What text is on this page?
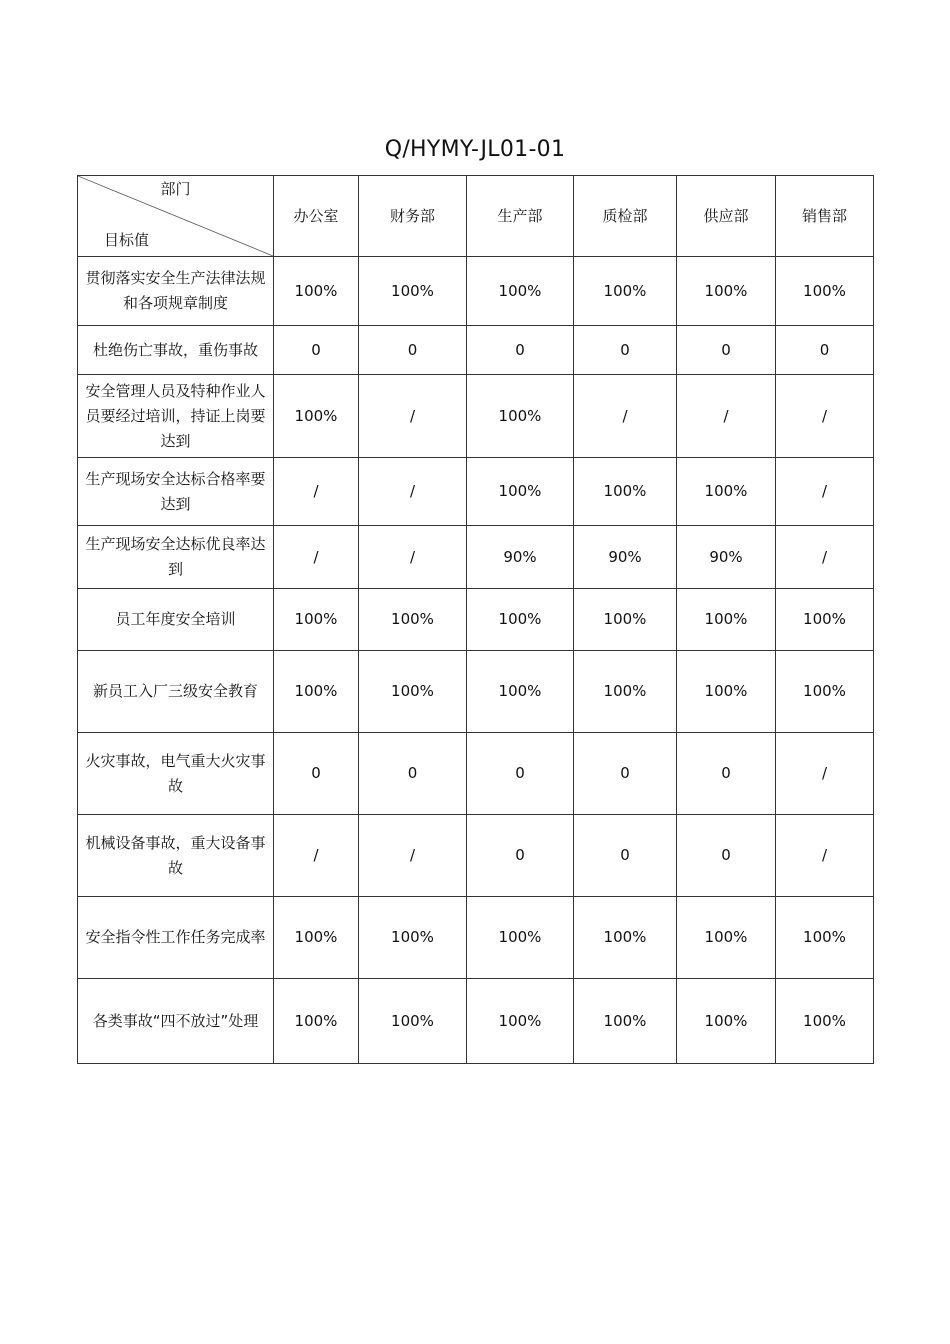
Q/HYMY-JL01-01
部门
目标值	办公室	财务部	生产部	质检部	供应部	销售部
贯彻落实安全生产法律法规和各项规章制度	100%	100%	100%	100%	100%	100%
杜绝伤亡事故，重伤事故	0	0	0	0	0	0
安全管理人员及特种作业人员要经过培训，持证上岗要达到	100%	/	100%	/	/	/
生产现场安全达标合格率要达到	/	/	100%	100%	100%	/
生产现场安全达标优良率达到	/	/	90%	90%	90%	/
员工年度安全培训	100%	100%	100%	100%	100%	100%
新员工入厂三级安全教育	100%	100%	100%	100%	100%	100%
火灾事故，电气重大火灾事故	0	0	0	0	0	/
机械设备事故，重大设备事故	/	/	0	0	0	/
安全指令性工作任务完成率	100%	100%	100%	100%	100%	100%
各类事故“四不放过”处理	100%	100%	100%	100%	100%	100%
